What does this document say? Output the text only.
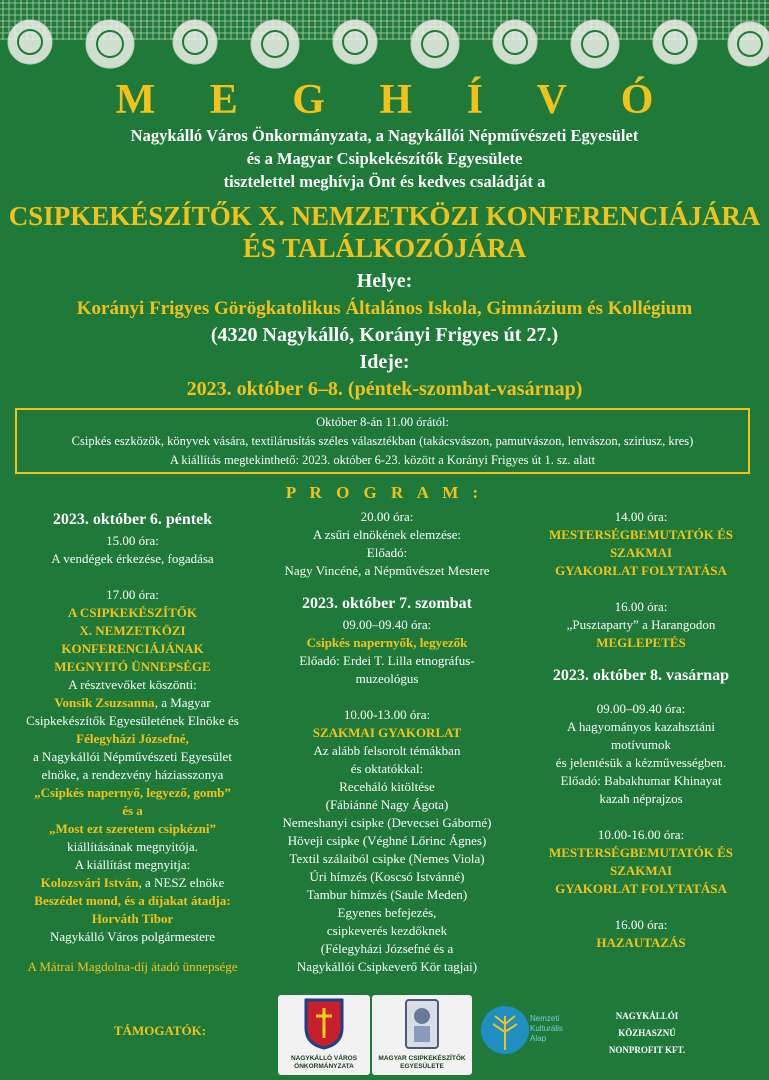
M E G H Í V Ó
Nagykálló Város Önkormányzata, a Nagykállói Népművészeti Egyesület
és a Magyar Csipkekészítők Egyesülete
tisztelettel meghívja Önt és kedves családját a
CSIPKEKÉSZÍTŐK X. NEMZETKÖZI KONFERENCIÁJÁRA
ÉS TALÁLKOZÓJÁRA
Helye:
Korányi Frigyes Görögkatolikus Általános Iskola, Gimnázium és Kollégium
(4320 Nagykálló, Korányi Frigyes út 27.)
Ideje:
2023. október 6–8. (péntek-szombat-vasárnap)
Október 8-án 11.00 órától:
Csipkés eszközök, könyvek vására, textilárusítás széles választékban (takácsvászon, pamutvászon, lenvászon, sziriusz, kres)
A kiállítás megtekinthető: 2023. október 6-23. között a Korányi Frigyes út 1. sz. alatt
P R O G R A M :
2023. október 6. péntek
15.00 óra:
A vendégek érkezése, fogadása
17.00 óra:
A CSIPKEKÉSZÍTŐK
X. NEMZETKÖZI
KONFERENCIÁJÁNAK
MEGNYITÓ ÜNNEPSÉGE
A résztvevőket köszönti:
Vonsik Zsuzsanna, a Magyar
Csipkekészítők Egyesületének Elnöke és
Félegyházi Józsefné,
a Nagykállói Népművészeti Egyesület
elnöke, a rendezvény háziasszonya
„Csipkés napernyő, legyező, gomb”
és a
„Most ezt szeretem csipkézni”
kiállításának megnyitója.
A kiállítást megnyitja:
Kolozsvári István, a NESZ elnöke
Beszédet mond, és a díjakat átadja:
Horváth Tibor
Nagykálló Város polgármestere
A Mátrai Magdolna-díj átadó ünnepsége
20.00 óra:
A zsűri elnökének elemzése:
Előadó:
Nagy Vincéné, a Népművészet Mestere
2023. október 7. szombat
09.00–09.40 óra:
Csipkés napernyők, legyezők
Előadó: Erdei T. Lilla etnográfus-
muzeológus
10.00-13.00 óra:
SZAKMAI GYAKORLAT
Az alább felsorolt témákban
és oktatókkal:
Receháló kitöltése
(Fábiánné Nagy Ágota)
Nemeshanyi csipke (Devecsei Gáborné)
Höveji csipke (Véghné Lőrinc Ágnes)
Textil szálaiból csipke (Nemes Viola)
Úri hímzés (Koscsó Istvánné)
Tambur hímzés (Saule Meden)
Egyenes befejezés,
csipkeverés kezdőknek
(Félegyházi Józsefné és a
Nagykállói Csipkeverő Kör tagjai)
14.00 óra:
MESTERSÉGBEMUTATÓK ÉS
SZAKMAI
GYAKORLAT FOLYTATÁSA
16.00 óra:
„Pusztaparty” a Harangodon
MEGLEPETÉS
2023. október 8. vasárnap
09.00–09.40 óra:
A hagyományos kazahsztáni
motívumok
és jelentésük a kézművességben.
Előadó: Babakhumar Khinayat
kazah néprajzos
10.00-16.00 óra:
MESTERSÉGBEMUTATÓK ÉS
SZAKMAI
GYAKORLAT FOLYTATÁSA
16.00 óra:
HAZAUTAZÁS
TÁMOGATÓK:
NAGYKÁLLÓ VÁROS
ÖNKORMÁNYZATA
MAGYAR CSIPKEKÉSZÍTŐK
EGYESÜLETE
Nemzeti
Kulturális
Alap
NAGYKÁLLÓI
KÖZHASZNÚ
NONPROFIT KFT.
